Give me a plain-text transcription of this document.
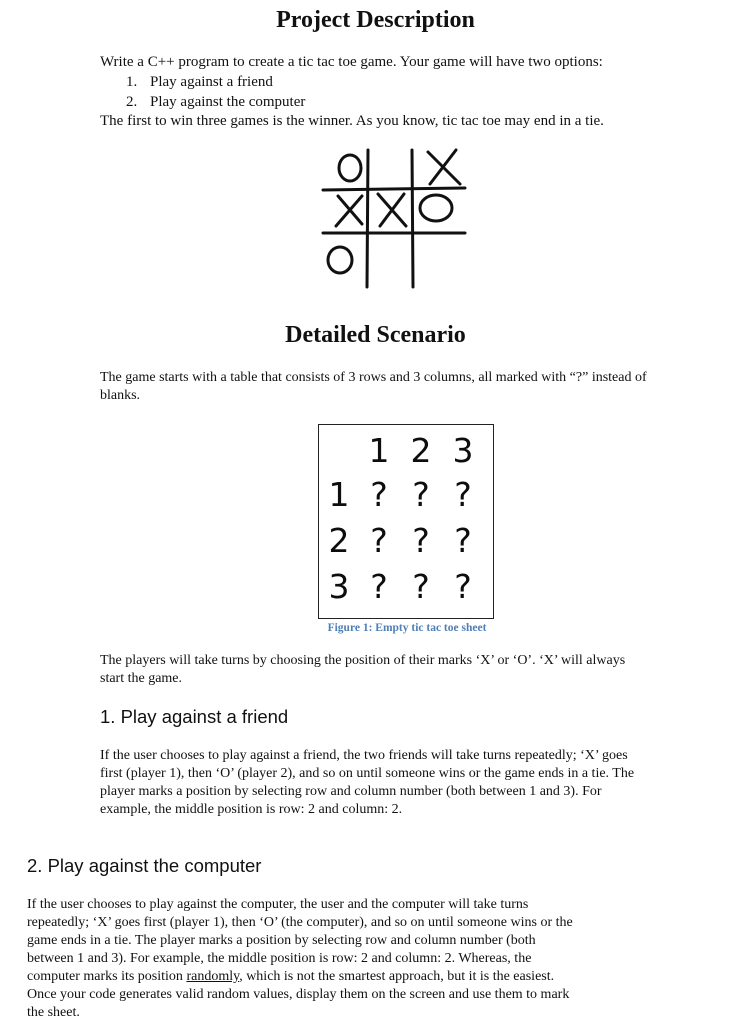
Project Description

Write a C++ program to create a tic tac toe game. Your game will have two options:

1. Play against a friend
2. Play against the computer

The first to win three games is the winner. As you know, tic tac toe may end in a tie.

Detailed Scenario

The game starts with a table that consists of 3 rows and 3 columns, all marked with “?” instead of

blanks.

1 2 3
1 ? ? ?
2 ? ? ?
3 ? ? ?
Figure 1: Empty tic tac toe sheet

The players will take turns by choosing the position of their marks ‘X’ or ‘O’. ‘X’ will always

start the game.

1. Play against a friend

If the user chooses to play against a friend, the two friends will take turns repeatedly; ‘X’ goes

first (player 1), then ‘O’ (player 2), and so on until someone wins or the game ends in a tie. The

player marks a position by selecting row and column number (both between 1 and 3). For

example, the middle position is row: 2 and column: 2.

2. Play against the computer

If the user chooses to play against the computer, the user and the computer will take turns

repeatedly; ‘X’ goes first (player 1), then ‘O’ (the computer), and so on until someone wins or the

game ends in a tie. The player marks a position by selecting row and column number (both

between 1 and 3). For example, the middle position is row: 2 and column: 2. Whereas, the

computer marks its position randomly, which is not the smartest approach, but it is the easiest.

Once your code generates valid random values, display them on the screen and use them to mark

the sheet.
